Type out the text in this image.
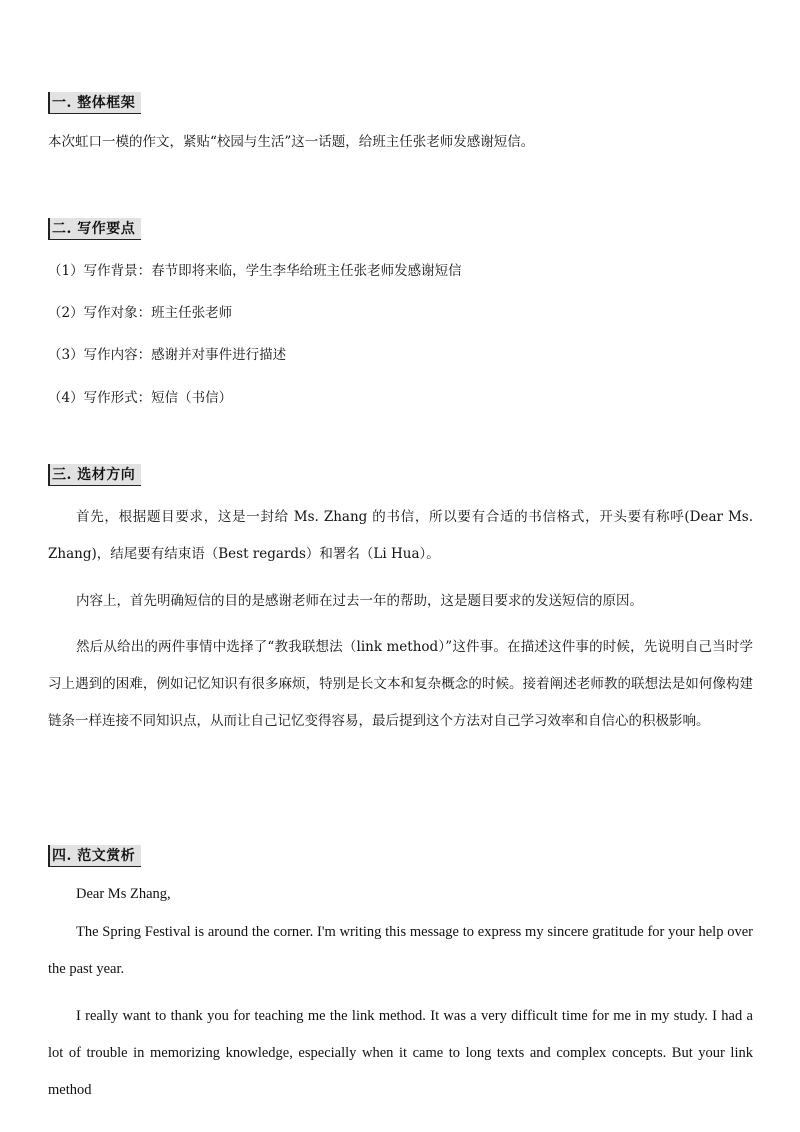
一. 整体框架
本次虹口一模的作文，紧贴“校园与生活”这一话题，给班主任张老师发感谢短信。
二. 写作要点
（1）写作背景：春节即将来临，学生李华给班主任张老师发感谢短信
（2）写作对象：班主任张老师
（3）写作内容：感谢并对事件进行描述
（4）写作形式：短信（书信）
三. 选材方向
首先，根据题目要求，这是一封给 Ms. Zhang 的书信，所以要有合适的书信格式，开头要有称呼(Dear Ms. Zhang)，结尾要有结束语（Best regards）和署名（Li Hua）。
内容上，首先明确短信的目的是感谢老师在过去一年的帮助，这是题目要求的发送短信的原因。
然后从给出的两件事情中选择了“教我联想法（link method）”这件事。在描述这件事的时候，先说明自己当时学习上遇到的困难，例如记忆知识有很多麻烦，特别是长文本和复杂概念的时候。接着阐述老师教的联想法是如何像构建链条一样连接不同知识点，从而让自己记忆变得容易，最后提到这个方法对自己学习效率和自信心的积极影响。
四. 范文赏析
Dear Ms Zhang,
The Spring Festival is around the corner. I'm writing this message to express my sincere gratitude for your help over the past year.
I really want to thank you for teaching me the link method. It was a very difficult time for me in my study. I had a lot of trouble in memorizing knowledge, especially when it came to long texts and complex concepts. But your link method
